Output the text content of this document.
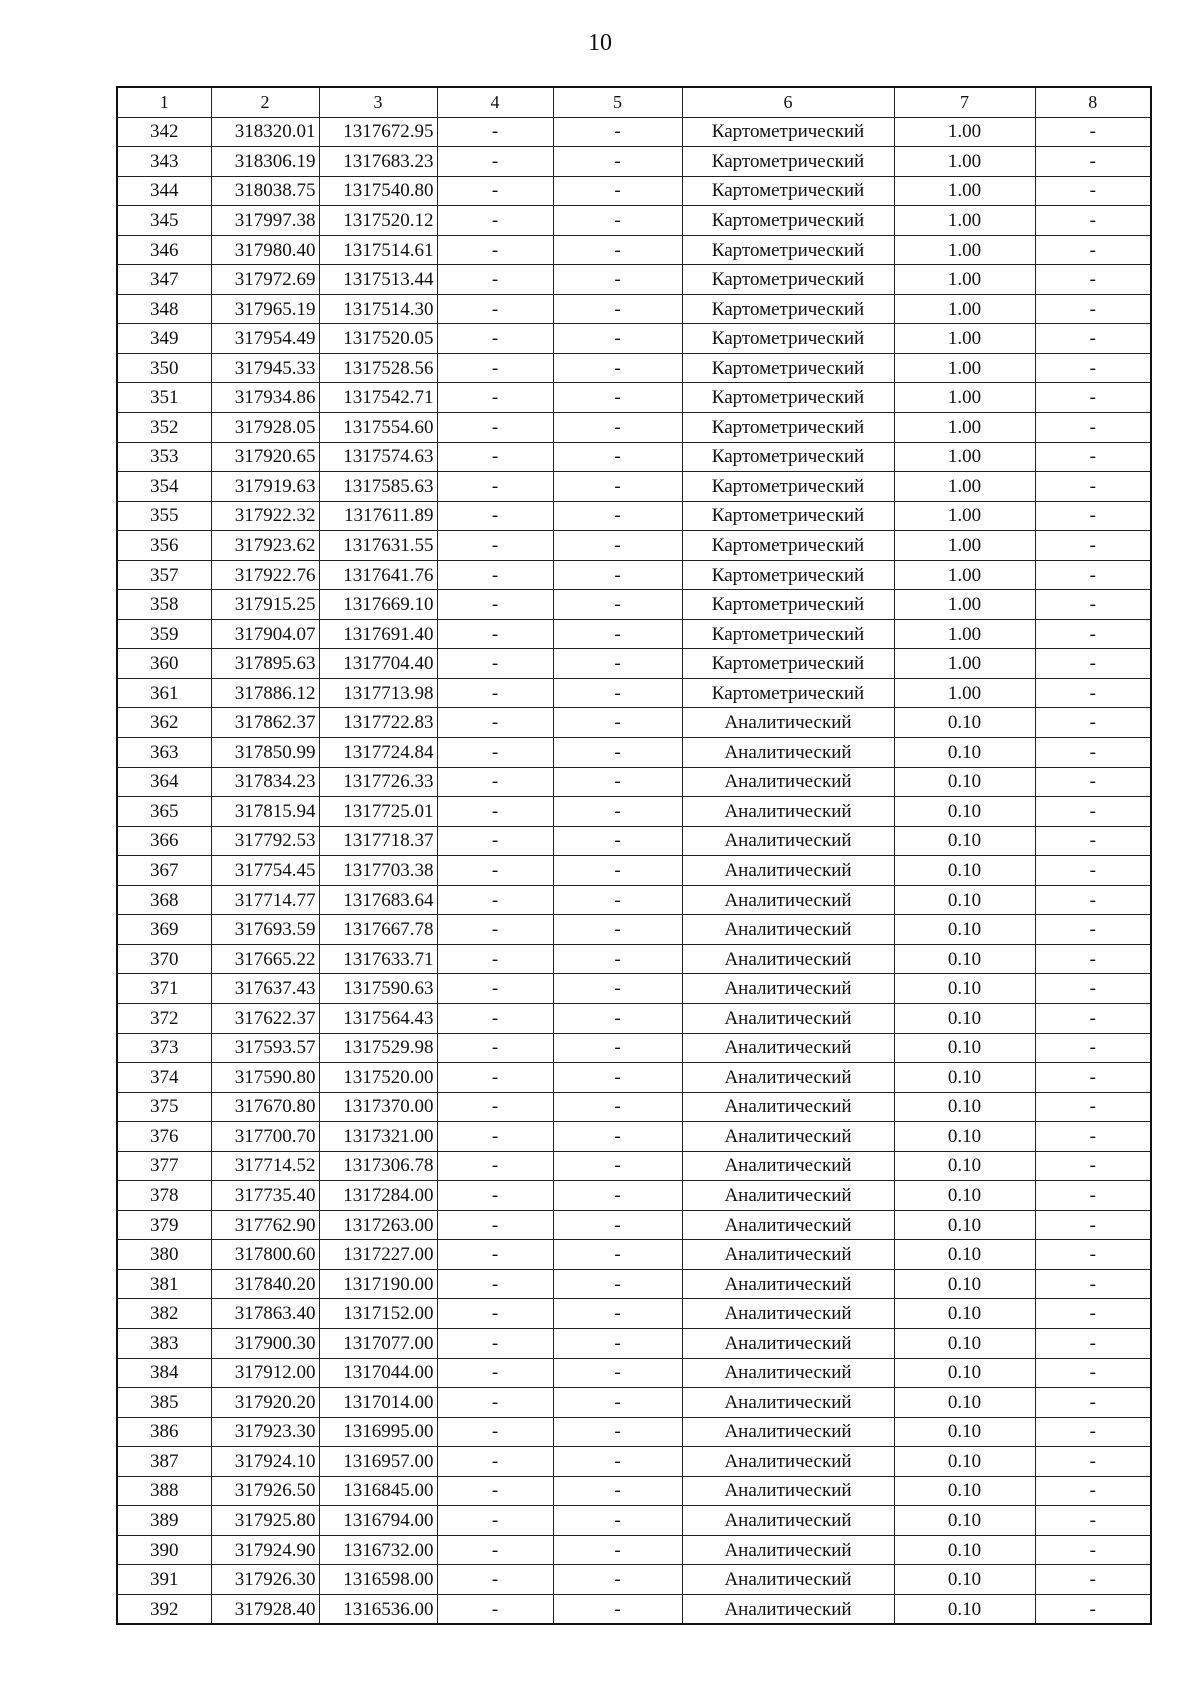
10
1	2	3	4	5	6	7	8
342	318320.01	1317672.95	-	-	Картометрический	1.00	-
343	318306.19	1317683.23	-	-	Картометрический	1.00	-
344	318038.75	1317540.80	-	-	Картометрический	1.00	-
345	317997.38	1317520.12	-	-	Картометрический	1.00	-
346	317980.40	1317514.61	-	-	Картометрический	1.00	-
347	317972.69	1317513.44	-	-	Картометрический	1.00	-
348	317965.19	1317514.30	-	-	Картометрический	1.00	-
349	317954.49	1317520.05	-	-	Картометрический	1.00	-
350	317945.33	1317528.56	-	-	Картометрический	1.00	-
351	317934.86	1317542.71	-	-	Картометрический	1.00	-
352	317928.05	1317554.60	-	-	Картометрический	1.00	-
353	317920.65	1317574.63	-	-	Картометрический	1.00	-
354	317919.63	1317585.63	-	-	Картометрический	1.00	-
355	317922.32	1317611.89	-	-	Картометрический	1.00	-
356	317923.62	1317631.55	-	-	Картометрический	1.00	-
357	317922.76	1317641.76	-	-	Картометрический	1.00	-
358	317915.25	1317669.10	-	-	Картометрический	1.00	-
359	317904.07	1317691.40	-	-	Картометрический	1.00	-
360	317895.63	1317704.40	-	-	Картометрический	1.00	-
361	317886.12	1317713.98	-	-	Картометрический	1.00	-
362	317862.37	1317722.83	-	-	Аналитический	0.10	-
363	317850.99	1317724.84	-	-	Аналитический	0.10	-
364	317834.23	1317726.33	-	-	Аналитический	0.10	-
365	317815.94	1317725.01	-	-	Аналитический	0.10	-
366	317792.53	1317718.37	-	-	Аналитический	0.10	-
367	317754.45	1317703.38	-	-	Аналитический	0.10	-
368	317714.77	1317683.64	-	-	Аналитический	0.10	-
369	317693.59	1317667.78	-	-	Аналитический	0.10	-
370	317665.22	1317633.71	-	-	Аналитический	0.10	-
371	317637.43	1317590.63	-	-	Аналитический	0.10	-
372	317622.37	1317564.43	-	-	Аналитический	0.10	-
373	317593.57	1317529.98	-	-	Аналитический	0.10	-
374	317590.80	1317520.00	-	-	Аналитический	0.10	-
375	317670.80	1317370.00	-	-	Аналитический	0.10	-
376	317700.70	1317321.00	-	-	Аналитический	0.10	-
377	317714.52	1317306.78	-	-	Аналитический	0.10	-
378	317735.40	1317284.00	-	-	Аналитический	0.10	-
379	317762.90	1317263.00	-	-	Аналитический	0.10	-
380	317800.60	1317227.00	-	-	Аналитический	0.10	-
381	317840.20	1317190.00	-	-	Аналитический	0.10	-
382	317863.40	1317152.00	-	-	Аналитический	0.10	-
383	317900.30	1317077.00	-	-	Аналитический	0.10	-
384	317912.00	1317044.00	-	-	Аналитический	0.10	-
385	317920.20	1317014.00	-	-	Аналитический	0.10	-
386	317923.30	1316995.00	-	-	Аналитический	0.10	-
387	317924.10	1316957.00	-	-	Аналитический	0.10	-
388	317926.50	1316845.00	-	-	Аналитический	0.10	-
389	317925.80	1316794.00	-	-	Аналитический	0.10	-
390	317924.90	1316732.00	-	-	Аналитический	0.10	-
391	317926.30	1316598.00	-	-	Аналитический	0.10	-
392	317928.40	1316536.00	-	-	Аналитический	0.10	-
